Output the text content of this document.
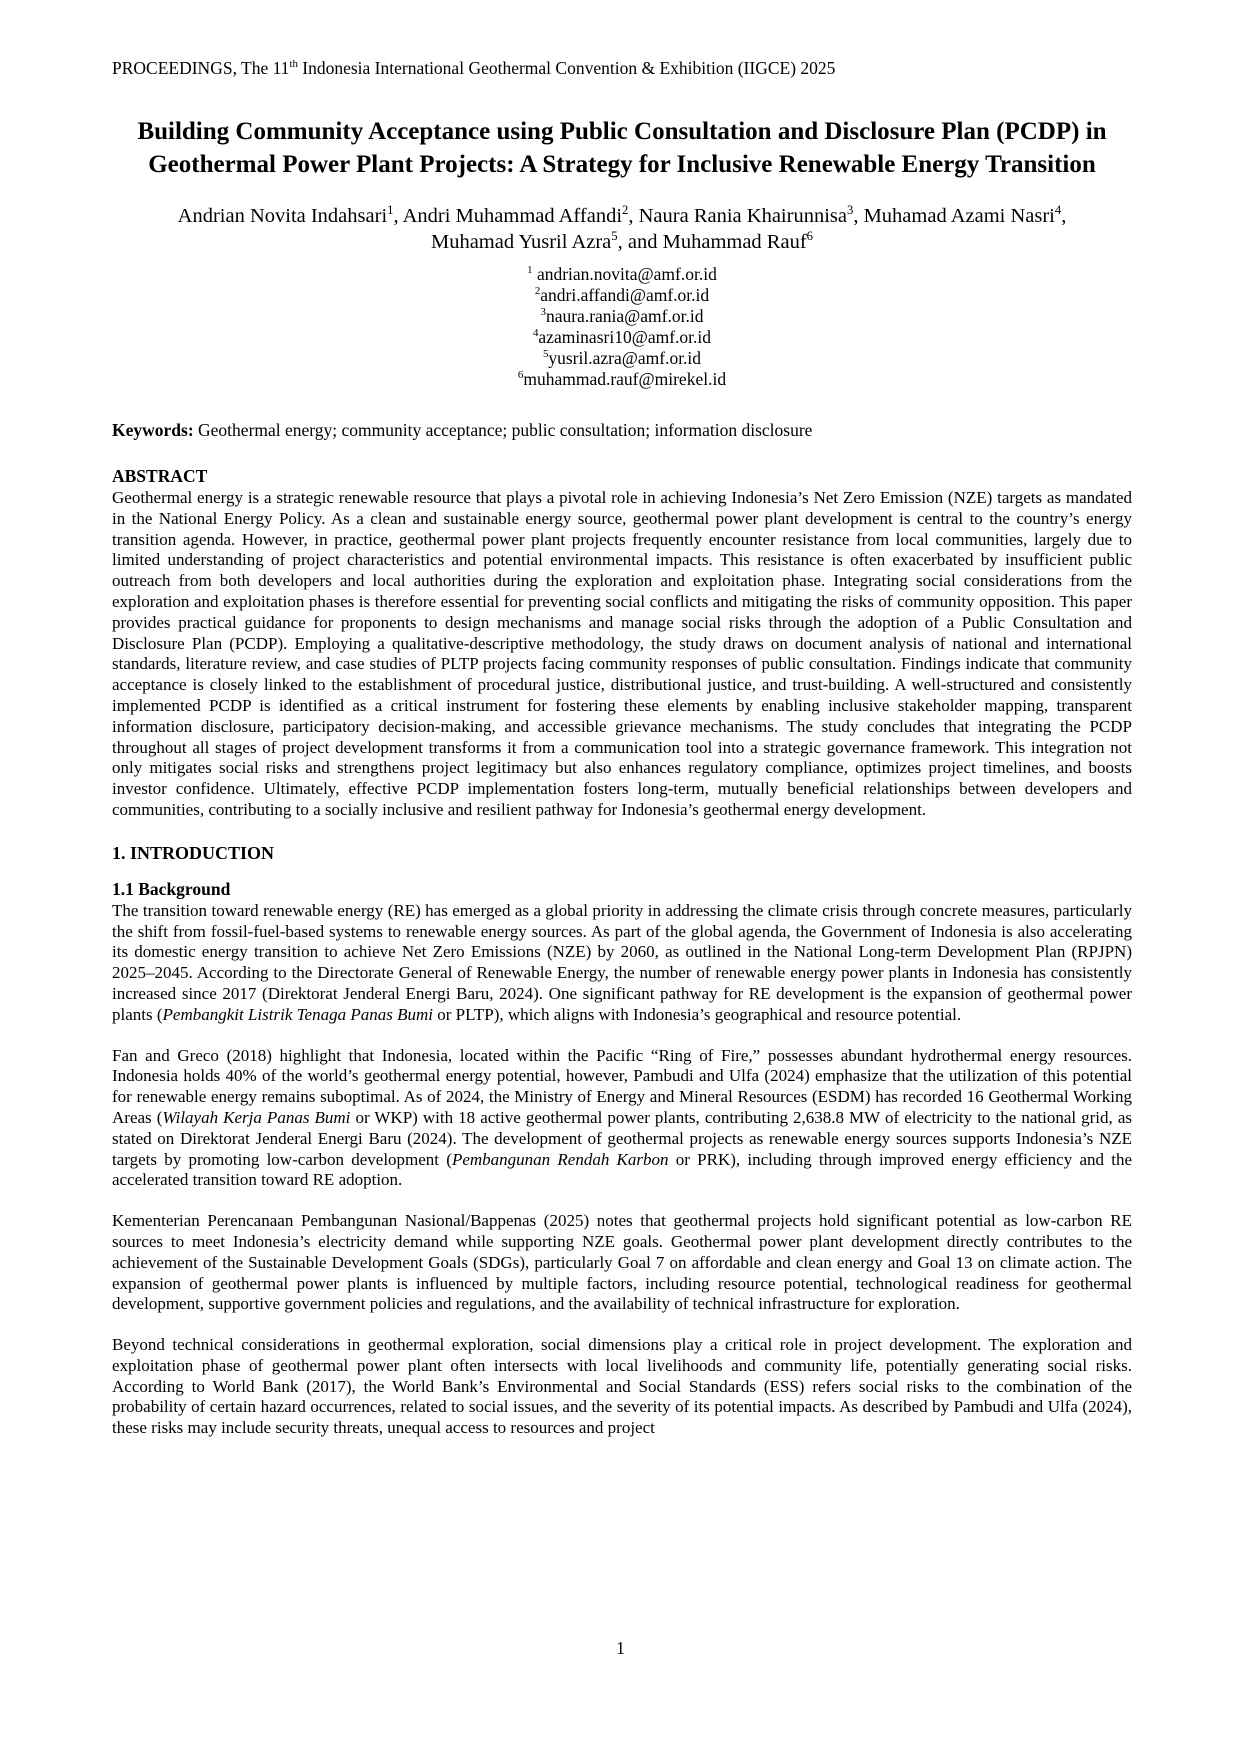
PROCEEDINGS, The 11th Indonesia International Geothermal Convention & Exhibition (IIGCE) 2025
Building Community Acceptance using Public Consultation and Disclosure Plan (PCDP) in
Geothermal Power Plant Projects: A Strategy for Inclusive Renewable Energy Transition
Andrian Novita Indahsari$^1$, Andri Muhammad Affandi$^2$, Naura Rania Khairunnisa$^3$, Muhamad Azami Nasri$^4$,
Muhamad Yusril Azra$^5$, and Muhammad Rauf$^6$
$^1$ andrian.novita@amf.or.id
$^2$andri.affandi@amf.or.id
$^3$naura.rania@amf.or.id
$^4$azaminasri10@amf.or.id
$^5$yusril.azra@amf.or.id
$^6$muhammad.rauf@mirekel.id
Keywords: Geothermal energy; community acceptance; public consultation; information disclosure
ABSTRACT

Geothermal energy is a strategic renewable resource that plays a pivotal role in achieving Indonesia’s Net Zero Emission (NZE) targets as mandated in the National Energy Policy. As a clean and sustainable energy source, geothermal power plant development is central to the country’s energy transition agenda. However, in practice, geothermal power plant projects frequently encounter resistance from local communities, largely due to limited understanding of project characteristics and potential environmental impacts. This resistance is often exacerbated by insufficient public outreach from both developers and local authorities during the exploration and exploitation phase. Integrating social considerations from the exploration and exploitation phases is therefore essential for preventing social conflicts and mitigating the risks of community opposition. This paper provides practical guidance for proponents to design mechanisms and manage social risks through the adoption of a Public Consultation and Disclosure Plan (PCDP). Employing a qualitative-descriptive methodology, the study draws on document analysis of national and international standards, literature review, and case studies of PLTP projects facing community responses of public consultation. Findings indicate that community acceptance is closely linked to the establishment of procedural justice, distributional justice, and trust-building. A well-structured and consistently implemented PCDP is identified as a critical instrument for fostering these elements by enabling inclusive stakeholder mapping, transparent information disclosure, participatory decision-making, and accessible grievance mechanisms. The study concludes that integrating the PCDP throughout all stages of project development transforms it from a communication tool into a strategic governance framework. This integration not only mitigates social risks and strengthens project legitimacy but also enhances regulatory compliance, optimizes project timelines, and boosts investor confidence. Ultimately, effective PCDP implementation fosters long-term, mutually beneficial relationships between developers and communities, contributing to a socially inclusive and resilient pathway for Indonesia’s geothermal energy development.

1. INTRODUCTION
1.1 Background

The transition toward renewable energy (RE) has emerged as a global priority in addressing the climate crisis through concrete measures, particularly the shift from fossil-fuel-based systems to renewable energy sources. As part of the global agenda, the Government of Indonesia is also accelerating its domestic energy transition to achieve Net Zero Emissions (NZE) by 2060, as outlined in the National Long-term Development Plan (RPJPN) 2025–2045. According to the Directorate General of Renewable Energy, the number of renewable energy power plants in Indonesia has consistently increased since 2017 (Direktorat Jenderal Energi Baru, 2024). One significant pathway for RE development is the expansion of geothermal power plants (Pembangkit Listrik Tenaga Panas Bumi or PLTP), which aligns with Indonesia’s geographical and resource potential.

Fan and Greco (2018) highlight that Indonesia, located within the Pacific “Ring of Fire,” possesses abundant hydrothermal energy resources. Indonesia holds 40% of the world’s geothermal energy potential, however, Pambudi and Ulfa (2024) emphasize that the utilization of this potential for renewable energy remains suboptimal. As of 2024, the Ministry of Energy and Mineral Resources (ESDM) has recorded 16 Geothermal Working Areas (Wilayah Kerja Panas Bumi or WKP) with 18 active geothermal power plants, contributing 2,638.8 MW of electricity to the national grid, as stated on Direktorat Jenderal Energi Baru (2024). The development of geothermal projects as renewable energy sources supports Indonesia’s NZE targets by promoting low-carbon development (Pembangunan Rendah Karbon or PRK), including through improved energy efficiency and the accelerated transition toward RE adoption.

Kementerian Perencanaan Pembangunan Nasional/Bappenas (2025) notes that geothermal projects hold significant potential as low-carbon RE sources to meet Indonesia’s electricity demand while supporting NZE goals. Geothermal power plant development directly contributes to the achievement of the Sustainable Development Goals (SDGs), particularly Goal 7 on affordable and clean energy and Goal 13 on climate action. The expansion of geothermal power plants is influenced by multiple factors, including resource potential, technological readiness for geothermal development, supportive government policies and regulations, and the availability of technical infrastructure for exploration.

Beyond technical considerations in geothermal exploration, social dimensions play a critical role in project development. The exploration and exploitation phase of geothermal power plant often intersects with local livelihoods and community life, potentially generating social risks. According to World Bank (2017), the World Bank’s Environmental and Social Standards (ESS) refers social risks to the combination of the probability of certain hazard occurrences, related to social issues, and the severity of its potential impacts. As described by Pambudi and Ulfa (2024), these risks may include security threats, unequal access to resources and project

1
